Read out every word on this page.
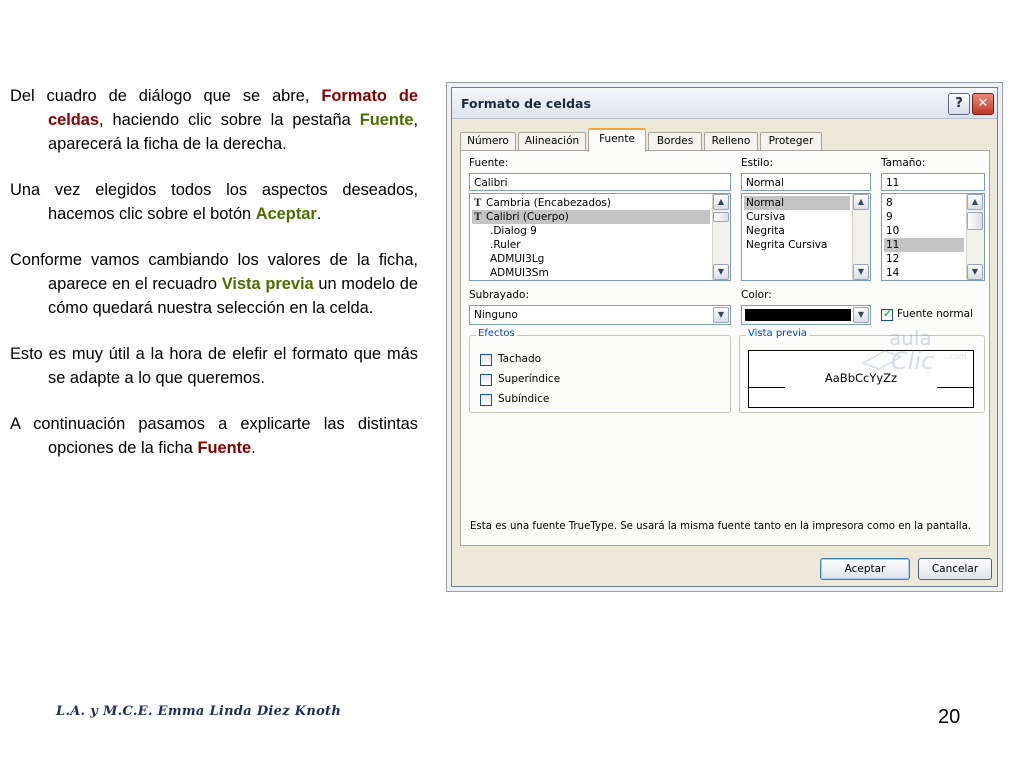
Del cuadro de diálogo que se abre, Formato de celdas, haciendo clic sobre la pestaña Fuente, aparecerá la ficha de la derecha.

Una vez elegidos todos los aspectos deseados, hacemos clic sobre el botón Aceptar.

Conforme vamos cambiando los valores de la ficha, aparece en el recuadro Vista previa un modelo de cómo quedará nuestra selección en la celda.

Esto es muy útil a la hora de elefir el formato que más se adapte a lo que queremos.

A continuación pasamos a explicarte las distintas opciones de la ficha Fuente.

L.A. y M.C.E. Emma Linda Diez Knoth	20
Formato de celdas	?	✕
Número	Alineación	Fuente	Bordes	Relleno	Proteger
Fuente:
Calibri
T Cambria (Encabezados)
T Calibri (Cuerpo)
.Dialog 9
.Ruler
ADMUI3Lg
ADMUI3Sm
▲
▼
Estilo:
Normal
Normal
Cursiva
Negrita
Negrita Cursiva
▲
▼
Tamaño:
11
8
9
10
11
12
14
▲
▼
Subrayado:
Ninguno	▼
Color:
▼
✓	Fuente normal
Efectos
Tachado
Superíndice
Subíndice
Vista previa
AaBbCcYyZz
Esta es una fuente TrueType. Se usará la misma fuente tanto en la impresora como en la pantalla.
aula
Clic .com
Aceptar	Cancelar
